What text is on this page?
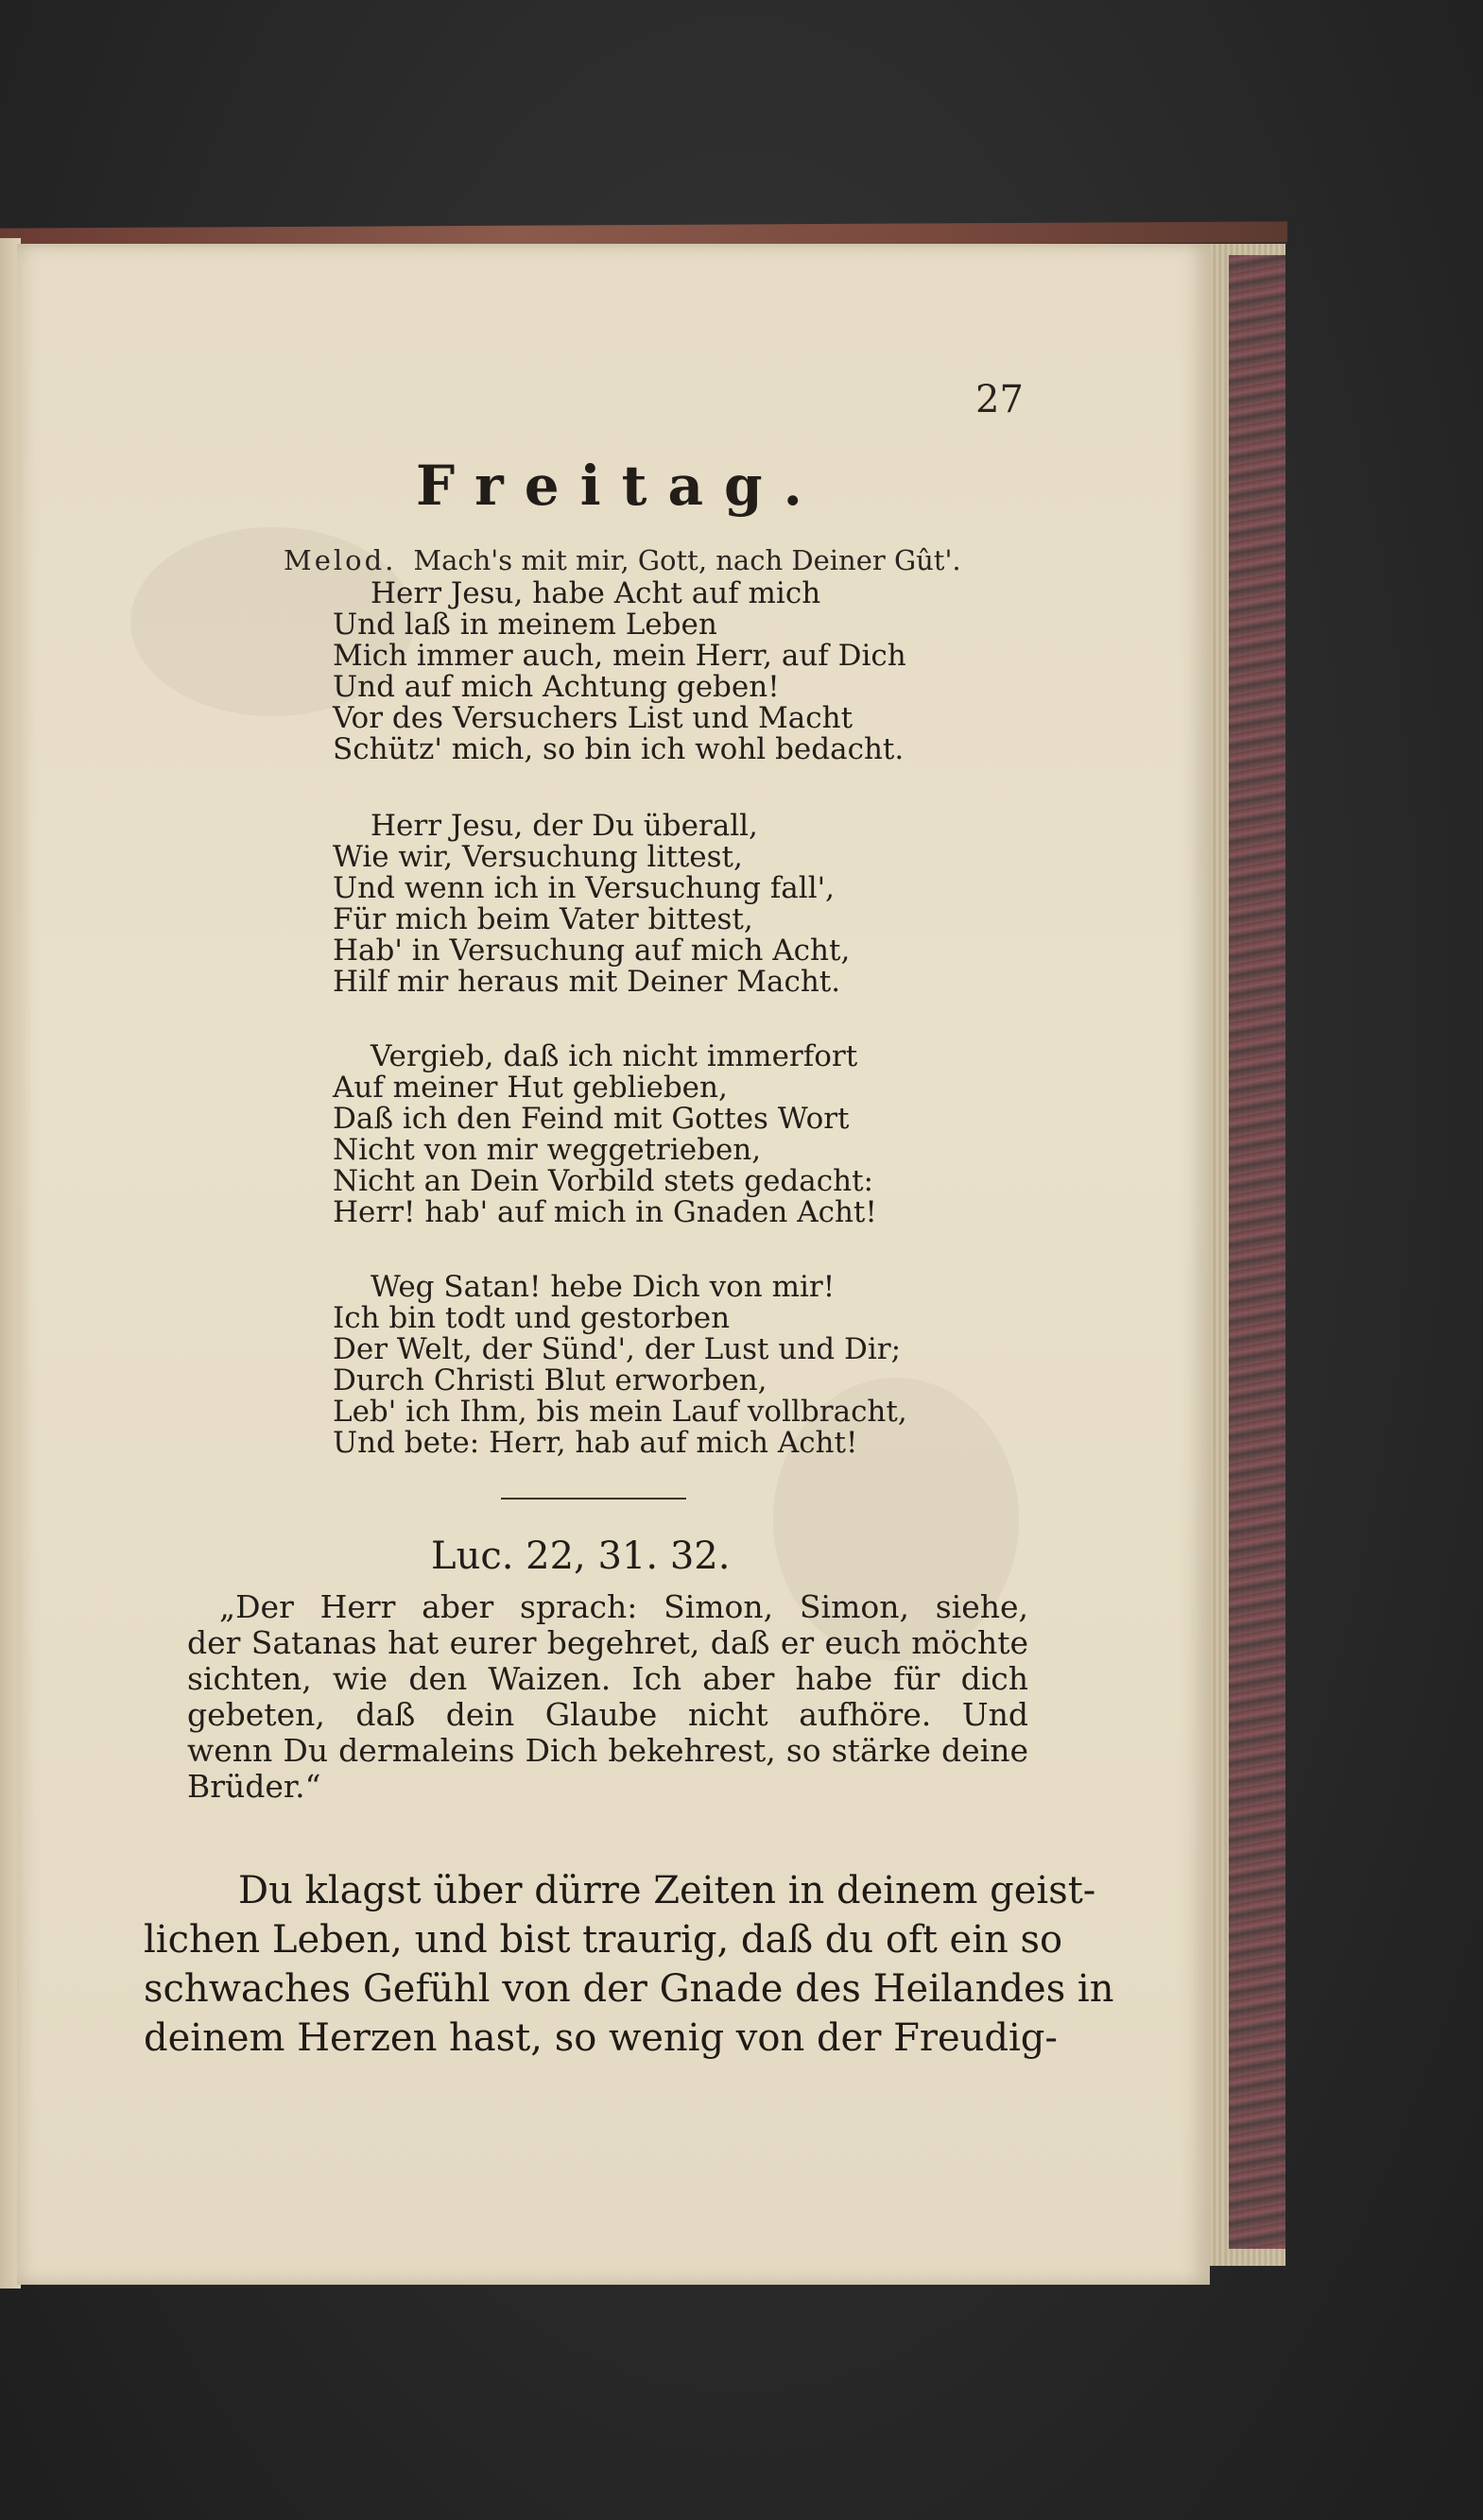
27
Freitag.
Melod. Mach's mit mir, Gott, nach Deiner Gût'.
Herr Jesu, habe Acht auf mich
Und laß in meinem Leben
Mich immer auch, mein Herr, auf Dich
Und auf mich Achtung geben!
Vor des Versuchers List und Macht
Schütz' mich, so bin ich wohl bedacht.
Herr Jesu, der Du überall,
Wie wir, Versuchung littest,
Und wenn ich in Versuchung fall',
Für mich beim Vater bittest,
Hab' in Versuchung auf mich Acht,
Hilf mir heraus mit Deiner Macht.
Vergieb, daß ich nicht immerfort
Auf meiner Hut geblieben,
Daß ich den Feind mit Gottes Wort
Nicht von mir weggetrieben,
Nicht an Dein Vorbild stets gedacht:
Herr! hab' auf mich in Gnaden Acht!
Weg Satan! hebe Dich von mir!
Ich bin todt und gestorben
Der Welt, der Sünd', der Lust und Dir;
Durch Christi Blut erworben,
Leb' ich Ihm, bis mein Lauf vollbracht,
Und bete: Herr, hab auf mich Acht!
Luc. 22, 31. 32.
„Der Herr aber sprach: Simon, Simon, siehe,
der Satanas hat eurer begehret, daß er euch möchte
sichten, wie den Waizen. Ich aber habe für dich
gebeten, daß dein Glaube nicht aufhöre. Und
wenn Du dermaleins Dich bekehrest, so stärke deine
Brüder.“
Du klagst über dürre Zeiten in deinem geist-
lichen Leben, und bist traurig, daß du oft ein so
schwaches Gefühl von der Gnade des Heilandes in
deinem Herzen hast, so wenig von der Freudig-
